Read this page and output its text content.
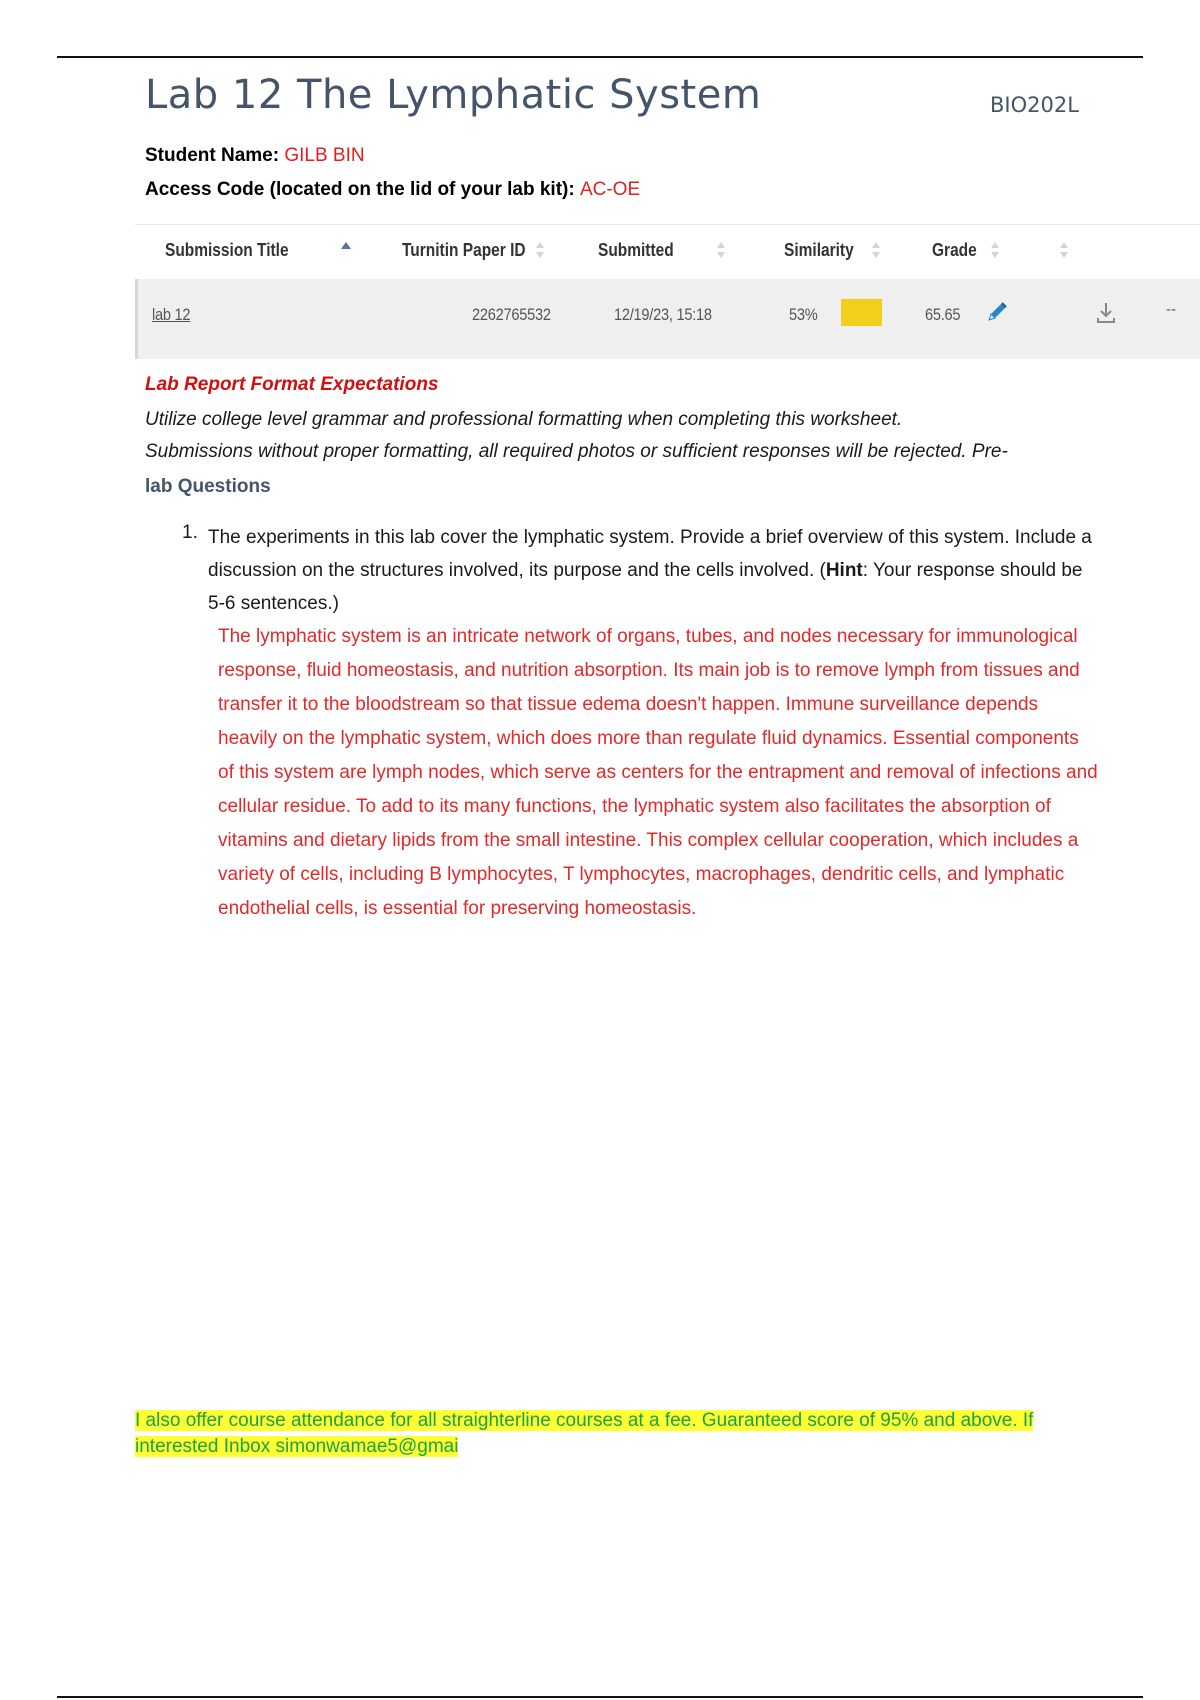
Lab 12 The Lymphatic System	BIO202L
Student Name: GILB BIN
Access Code (located on the lid of your lab kit): AC-OE
Submission Title	Turnitin Paper ID	Submitted	Similarity	Grade
lab 12	2262765532	12/19/23, 15:18	53%	65.65	--
Lab Report Format Expectations
Utilize college level grammar and professional formatting when completing this worksheet.
Submissions without proper formatting, all required photos or sufficient responses will be rejected. Pre-
lab Questions
1. The experiments in this lab cover the lymphatic system. Provide a brief overview of this system. Include a discussion on the structures involved, its purpose and the cells involved. (Hint: Your response should be 5-6 sentences.)
The lymphatic system is an intricate network of organs, tubes, and nodes necessary for immunological response, fluid homeostasis, and nutrition absorption. Its main job is to remove lymph from tissues and transfer it to the bloodstream so that tissue edema doesn't happen. Immune surveillance depends heavily on the lymphatic system, which does more than regulate fluid dynamics. Essential components of this system are lymph nodes, which serve as centers for the entrapment and removal of infections and cellular residue. To add to its many functions, the lymphatic system also facilitates the absorption of vitamins and dietary lipids from the small intestine. This complex cellular cooperation, which includes a variety of cells, including B lymphocytes, T lymphocytes, macrophages, dendritic cells, and lymphatic endothelial cells, is essential for preserving homeostasis.
I also offer course attendance for all straighterline courses at a fee. Guaranteed score of 95% and above. If interested Inbox simonwamae5@gmai
